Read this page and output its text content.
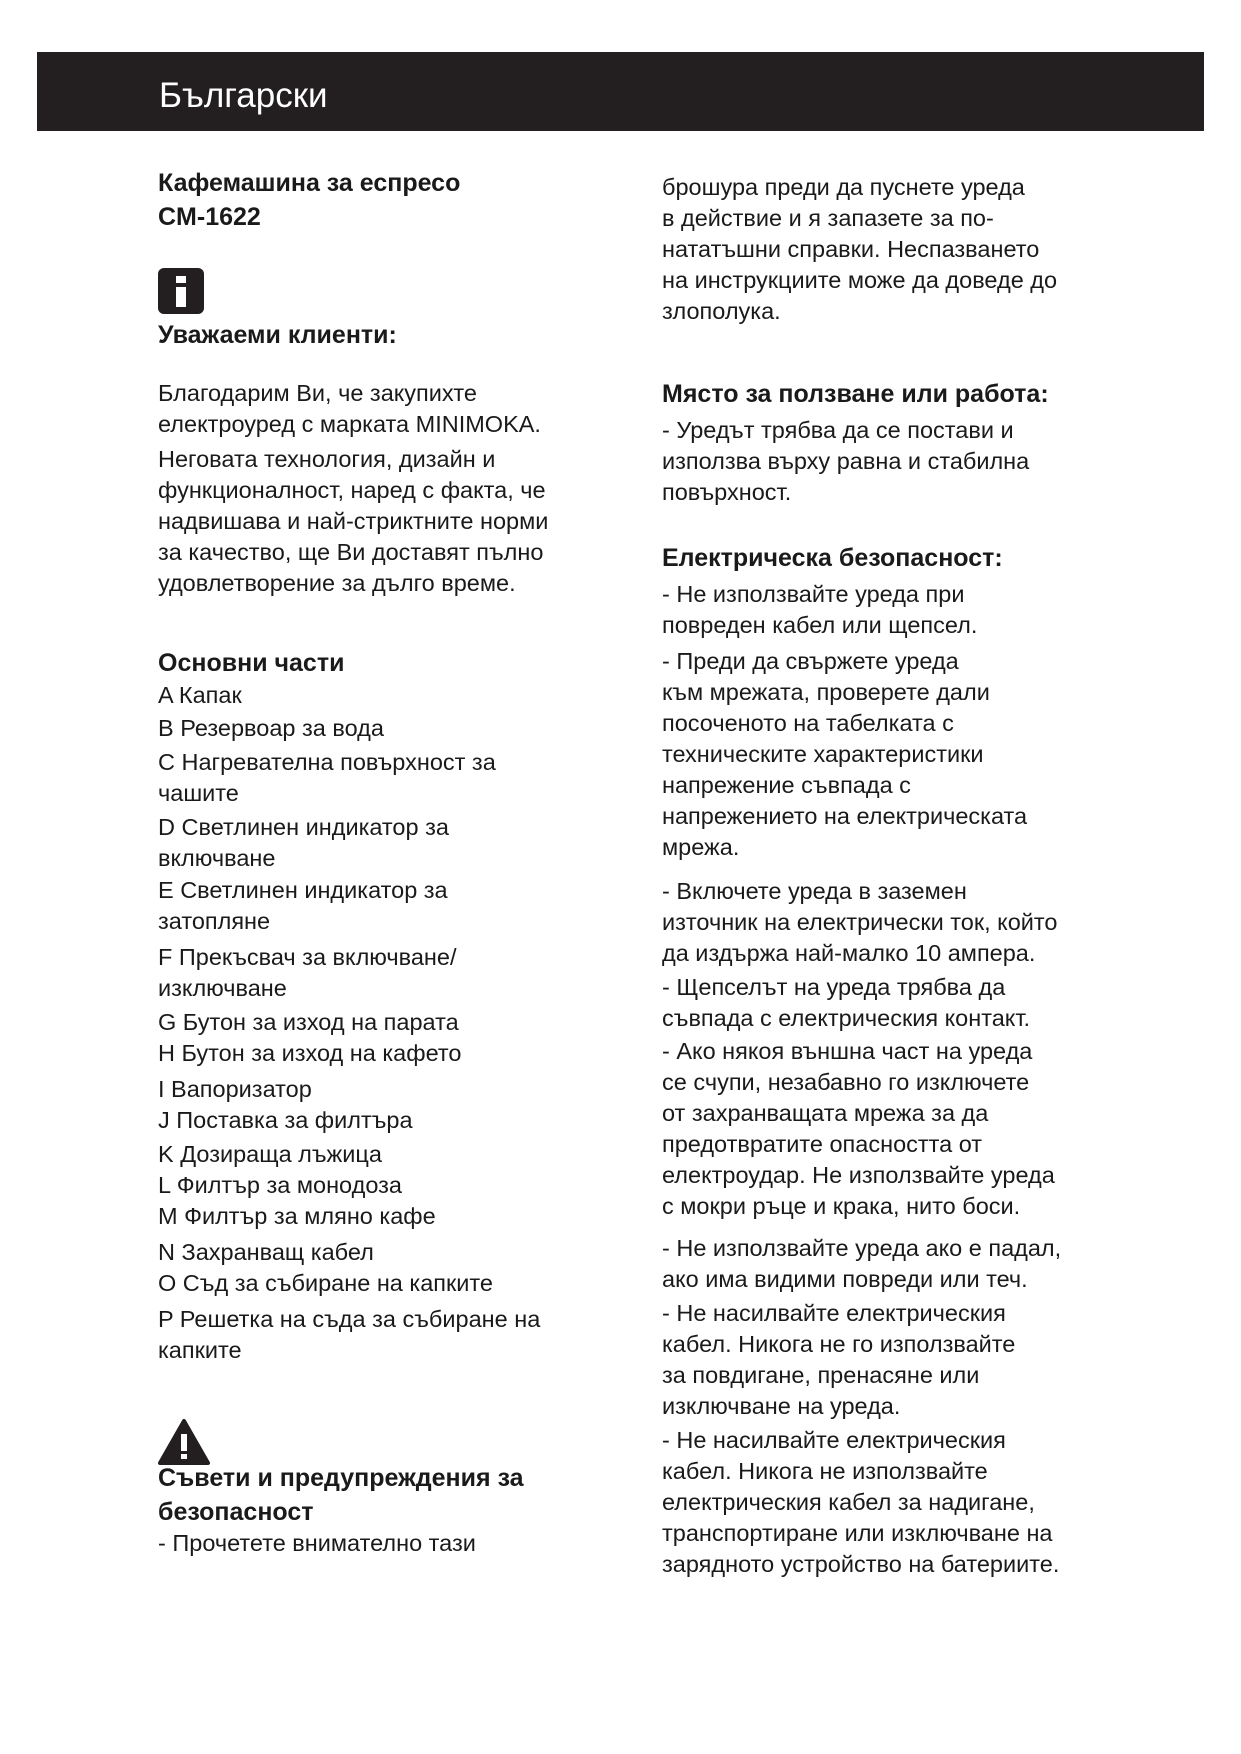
Български
Кафемашина за еспресо
CM-1622
Уважаеми клиенти:
Благодарим Ви, че закупихте
електроуред с марката MINIMOKA.
Неговата технология, дизайн и
функционалност, наред с факта, че
надвишава и най-стриктните норми
за качество, ще Ви доставят пълно
удовлетворение за дълго време.
Основни части
A Капак
B Резервоар за вода
C Нагревателна повърхност за
чашите
D Светлинен индикатор за
включване
E Светлинен индикатор за
затопляне
F Прекъсвач за включване/
изключване
G Бутон за изход на парата
H Бутон за изход на кафето
I Вапоризатор
J Поставка за филтъра
K Дозираща лъжица
L Филтър за монодоза
M Филтър за мляно кафе
N Захранващ кабел
O Съд за събиране на капките
P Решетка на съда за събиране на
капките
Съвети и предупреждения за
безопасност
- Прочетете внимателно тази
брошура преди да пуснете уреда
в действие и я запазете за по-
нататъшни справки. Неспазването
на инструкциите може да доведе до
злополука.
Място за ползване или работа:
- Уредът трябва да се постави и
използва върху равна и стабилна
повърхност.
Електрическа безопасност:
- Не използвайте уреда при
повреден кабел или щепсел.
- Преди да свържете уреда
към мрежата, проверете дали
посоченото на табелката с
техническите характеристики
напрежение съвпада с
напрежението на електрическата
мрежа.
- Включете уреда в заземен
източник на електрически ток, който
да издържа най-малко 10 ампера.
- Щепселът на уреда трябва да
съвпада с електрическия контакт.
- Ако някоя външна част на уреда
се счупи, незабавно го изключете
от захранващата мрежа за да
предотвратите опасността от
електроудар. Не използвайте уреда
с мокри ръце и крака, нито боси.
- Не използвайте уреда ако е падал,
ако има видими повреди или теч.
- Не насилвайте електрическия
кабел. Никога не го използвайте
за повдигане, пренасяне или
изключване на уреда.
- Не насилвайте електрическия
кабел. Никога не използвайте
електрическия кабел за надигане,
транспортиране или изключване на
зарядното устройство на батериите.
